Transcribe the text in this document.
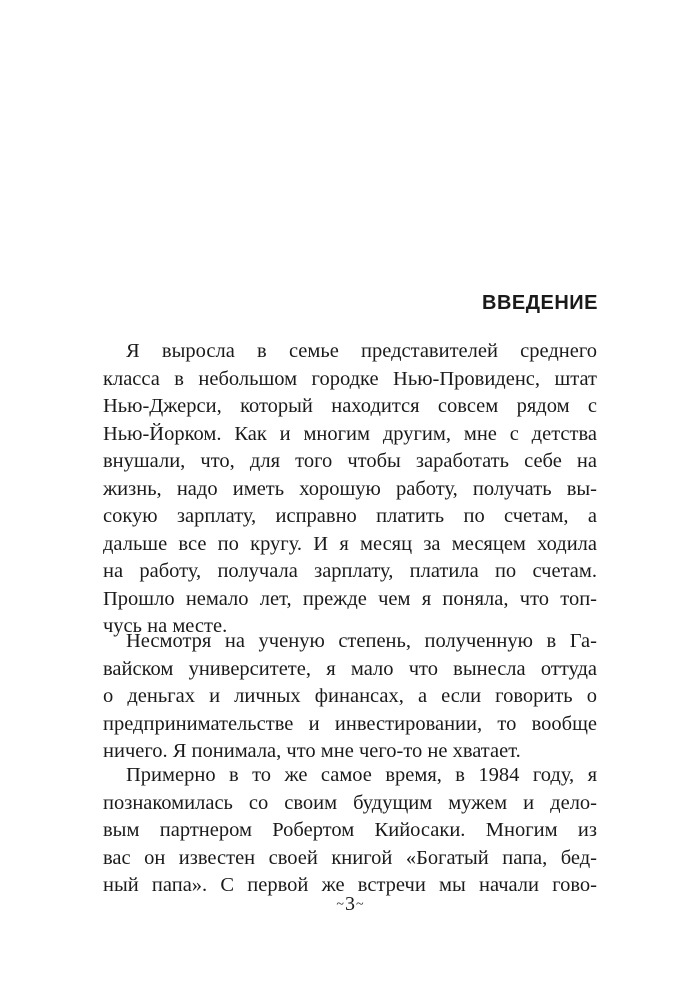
ВВЕДЕНИЕ
Я выросла в семье представителей среднего
класса в небольшом городке Нью-Провиденс, штат
Нью-Джерси, который находится совсем рядом с
Нью-Йорком. Как и многим другим, мне с детства
внушали, что, для того чтобы заработать себе на
жизнь, надо иметь хорошую работу, получать вы-
сокую зарплату, исправно платить по счетам, а
дальше все по кругу. И я месяц за месяцем ходила
на работу, получала зарплату, платила по счетам.
Прошло немало лет, прежде чем я поняла, что топ-
чусь на месте.
Несмотря на ученую степень, полученную в Га-
вайском университете, я мало что вынесла оттуда
о деньгах и личных финансах, а если говорить о
предпринимательстве и инвестировании, то вообще
ничего. Я понимала, что мне чего-то не хватает.
Примерно в то же самое время, в 1984 году, я
познакомилась со своим будущим мужем и дело-
вым партнером Робертом Кийосаки. Многим из
вас он известен своей книгой «Богатый папа, бед-
ный папа». С первой же встречи мы начали гово-
~3~
